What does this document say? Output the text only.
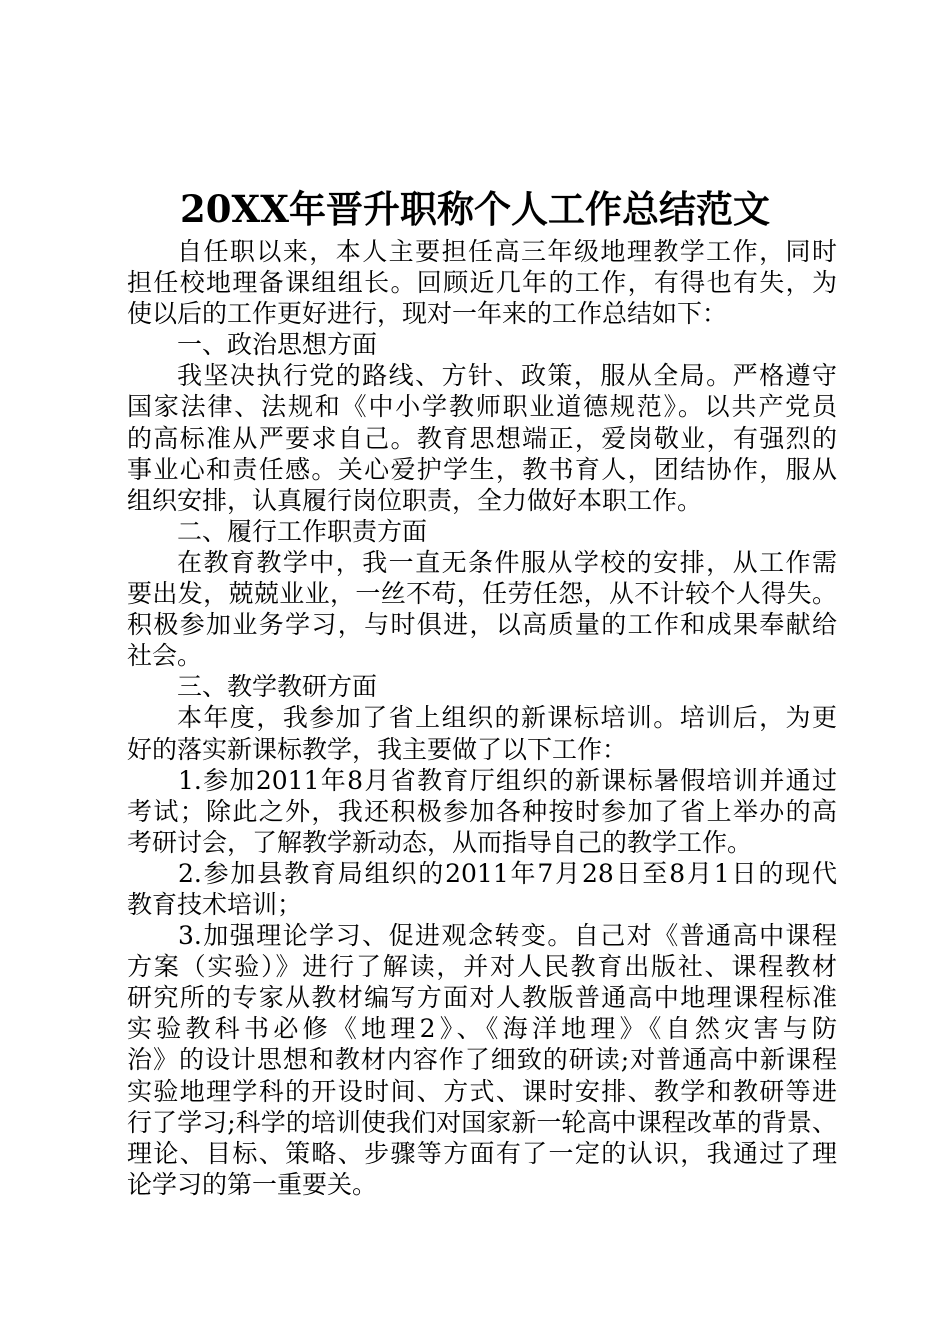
20XX年晋升职称个人工作总结范文
自任职以来，本人主要担任高三年级地理教学工作，同时
担任校地理备课组组长。回顾近几年的工作，有得也有失，为
使以后的工作更好进行，现对一年来的工作总结如下：
一、政治思想方面
我坚决执行党的路线、方针、政策，服从全局。严格遵守
国家法律、法规和《中小学教师职业道德规范》。以共产党员
的高标准从严要求自己。教育思想端正，爱岗敬业，有强烈的
事业心和责任感。关心爱护学生，教书育人，团结协作，服从
组织安排，认真履行岗位职责，全力做好本职工作。
二、履行工作职责方面
在教育教学中，我一直无条件服从学校的安排，从工作需
要出发，兢兢业业，一丝不苟，任劳任怨，从不计较个人得失。
积极参加业务学习，与时俱进，以高质量的工作和成果奉献给
社会。
三、教学教研方面
本年度，我参加了省上组织的新课标培训。培训后，为更
好的落实新课标教学，我主要做了以下工作：
1.参加2011年8月省教育厅组织的新课标暑假培训并通过
考试；除此之外，我还积极参加各种按时参加了省上举办的高
考研讨会，了解教学新动态，从而指导自己的教学工作。
2.参加县教育局组织的2011年7月28日至8月1日的现代
教育技术培训；
3.加强理论学习、促进观念转变。自己对《普通高中课程
方案（实验）》进行了解读，并对人民教育出版社、课程教材
研究所的专家从教材编写方面对人教版普通高中地理课程标准
实验教科书必修《地理2》、《海洋地理》《自然灾害与防
治》的设计思想和教材内容作了细致的研读;对普通高中新课程
实验地理学科的开设时间、方式、课时安排、教学和教研等进
行了学习;科学的培训使我们对国家新一轮高中课程改革的背景、
理论、目标、策略、步骤等方面有了一定的认识，我通过了理
论学习的第一重要关。
